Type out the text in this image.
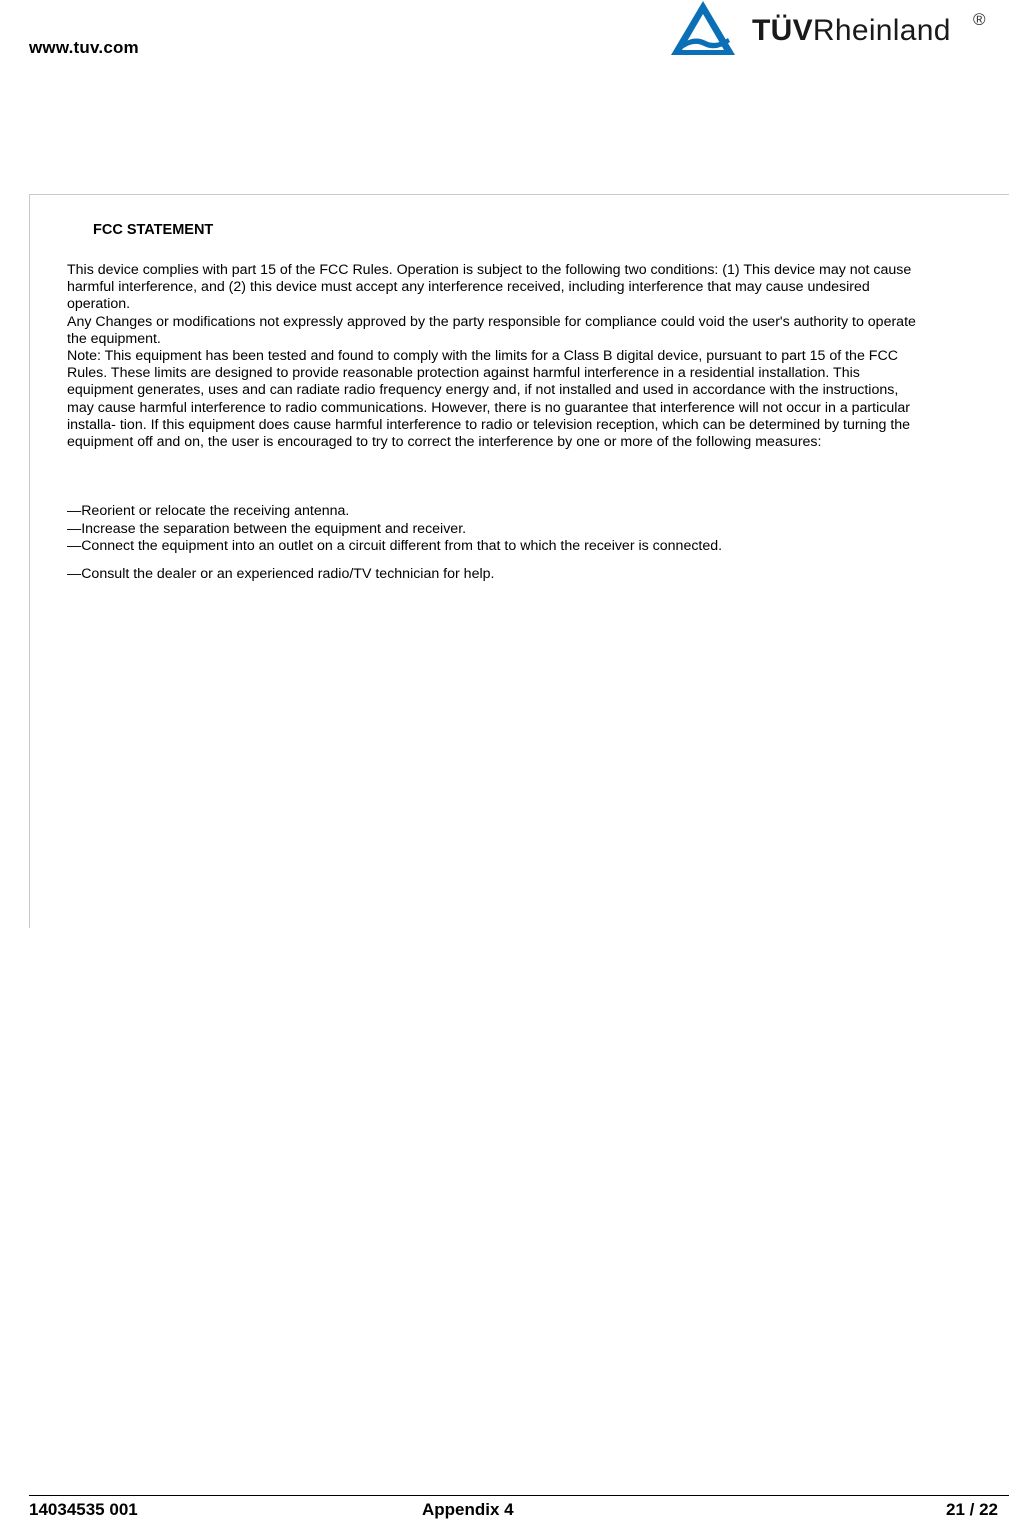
www.tuv.com
TÜVRheinland ®
FCC STATEMENT

This device complies with part 15 of the FCC Rules. Operation is subject to the following two conditions: (1) This device may not cause

harmful interference, and (2) this device must accept any interference received, including interference that may cause undesired

operation.

Any Changes or modifications not expressly approved by the party responsible for compliance could void the user's authority to operate

the equipment.

Note: This equipment has been tested and found to comply with the limits for a Class B digital device, pursuant to part 15 of the FCC

Rules. These limits are designed to provide reasonable protection against harmful interference in a residential installation. This

equipment generates, uses and can radiate radio frequency energy and, if not installed and used in accordance with the instructions,

may cause harmful interference to radio communications. However, there is no guarantee that interference will not occur in a particular

installa- tion. If this equipment does cause harmful interference to radio or television reception, which can be determined by turning the

equipment off and on, the user is encouraged to try to correct the interference by one or more of the following measures:

—Reorient or relocate the receiving antenna.

—Increase the separation between the equipment and receiver.

—Connect the equipment into an outlet on a circuit different from that to which the receiver is connected.

—Consult the dealer or an experienced radio/TV technician for help.

14034535 001	Appendix 4	21 / 22
